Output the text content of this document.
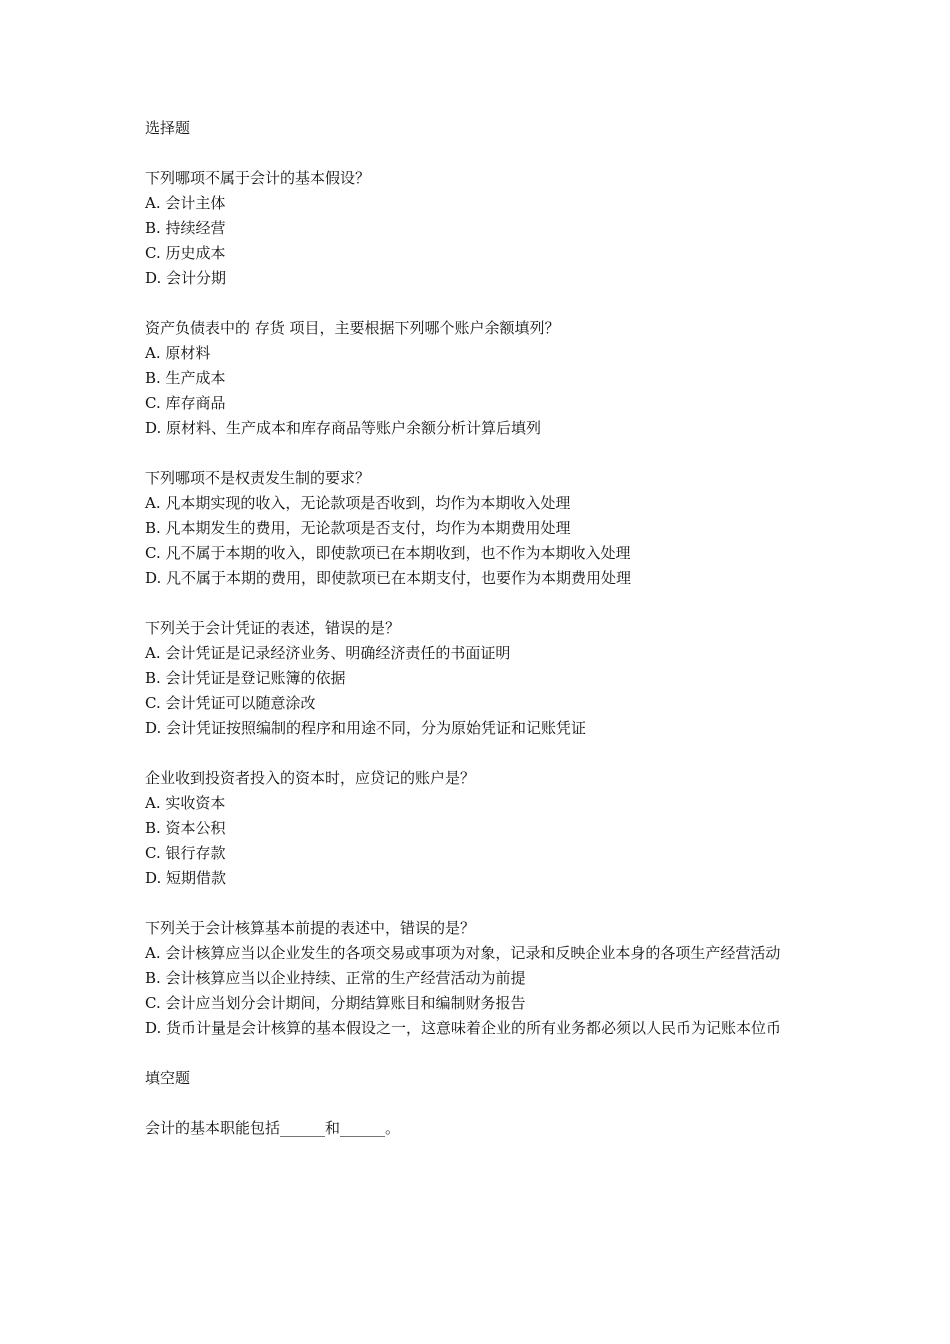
选择题

下列哪项不属于会计的基本假设？

A. 会计主体

B. 持续经营

C. 历史成本

D. 会计分期

资产负债表中的 存货 项目，主要根据下列哪个账户余额填列？

A. 原材料

B. 生产成本

C. 库存商品

D. 原材料、生产成本和库存商品等账户余额分析计算后填列

下列哪项不是权责发生制的要求？

A. 凡本期实现的收入，无论款项是否收到，均作为本期收入处理

B. 凡本期发生的费用，无论款项是否支付，均作为本期费用处理

C. 凡不属于本期的收入，即使款项已在本期收到，也不作为本期收入处理

D. 凡不属于本期的费用，即使款项已在本期支付，也要作为本期费用处理

下列关于会计凭证的表述，错误的是？

A. 会计凭证是记录经济业务、明确经济责任的书面证明

B. 会计凭证是登记账簿的依据

C. 会计凭证可以随意涂改

D. 会计凭证按照编制的程序和用途不同，分为原始凭证和记账凭证

企业收到投资者投入的资本时，应贷记的账户是？

A. 实收资本

B. 资本公积

C. 银行存款

D. 短期借款

下列关于会计核算基本前提的表述中，错误的是？

A. 会计核算应当以企业发生的各项交易或事项为对象，记录和反映企业本身的各项生产经营活动

B. 会计核算应当以企业持续、正常的生产经营活动为前提

C. 会计应当划分会计期间，分期结算账目和编制财务报告

D. 货币计量是会计核算的基本假设之一，这意味着企业的所有业务都必须以人民币为记账本位币

填空题

会计的基本职能包括______和______。
